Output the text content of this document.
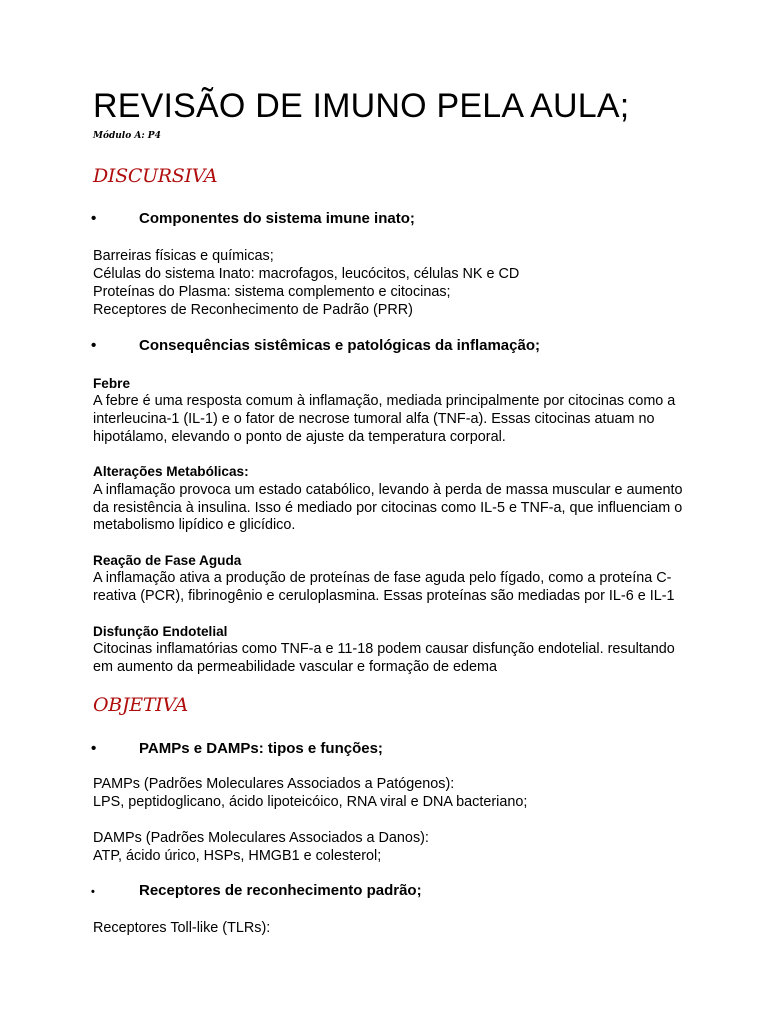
REVISÃO DE IMUNO PELA AULA;
Módulo A: P4
DISCURSIVA
•	Componentes do sistema imune inato;
Barreiras físicas e químicas;
Células do sistema Inato: macrofagos, leucócitos, células NK e CD
Proteínas do Plasma: sistema complemento e citocinas;
Receptores de Reconhecimento de Padrão (PRR)
•	Consequências sistêmicas e patológicas da inflamação;
Febre
A febre é uma resposta comum à inflamação, mediada principalmente por citocinas como a
interleucina-1 (IL-1) e o fator de necrose tumoral alfa (TNF-a). Essas citocinas atuam no
hipotálamo, elevando o ponto de ajuste da temperatura corporal.
Alterações Metabólicas:
A inflamação provoca um estado catabólico, levando à perda de massa muscular e aumento
da resistência à insulina. Isso é mediado por citocinas como IL-5 e TNF-a, que influenciam o
metabolismo lipídico e glicídico.
Reação de Fase Aguda
A inflamação ativa a produção de proteínas de fase aguda pelo fígado, como a proteína C-
reativa (PCR), fibrinogênio e ceruloplasmina. Essas proteínas são mediadas por IL-6 e IL-1
Disfunção Endotelial
Citocinas inflamatórias como TNF-a e 11-18 podem causar disfunção endotelial. resultando
em aumento da permeabilidade vascular e formação de edema
OBJETIVA
•	PAMPs e DAMPs: tipos e funções;
PAMPs (Padrões Moleculares Associados a Patógenos):
LPS, peptidoglicano, ácido lipoteicóico, RNA viral e DNA bacteriano;
DAMPs (Padrões Moleculares Associados a Danos):
ATP, ácido úrico, HSPs, HMGB1 e colesterol;
•	Receptores de reconhecimento padrão;
Receptores Toll-like (TLRs):
